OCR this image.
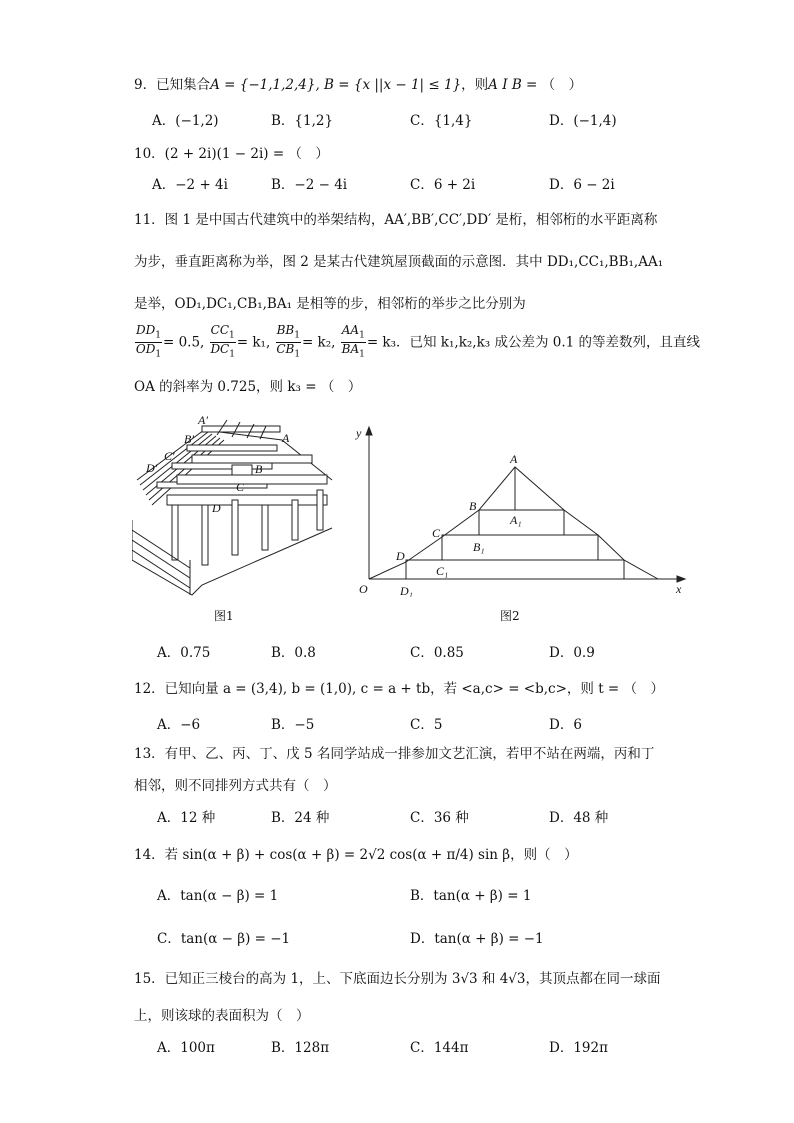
9．已知集合A = {−1,1,2,4}, B = {x ||x − 1| ≤ 1}，则A I B = （　）
A．(−1,2)	B．{1,2}	C．{1,4}	D．(−1,4)
10．(2 + 2i)(1 − 2i) = （　）
A．−2 + 4i	B．−2 − 4i	C．6 + 2i	D．6 − 2i
11．图 1 是中国古代建筑中的举架结构，AA′,BB′,CC′,DD′ 是桁，相邻桁的水平距离称
为步，垂直距离称为举，图 2 是某古代建筑屋顶截面的示意图．其中 DD₁,CC₁,BB₁,AA₁
是举，OD₁,DC₁,CB₁,BA₁ 是相等的步，相邻桁的举步之比分别为
$\frac{DD_1}{OD_1} = 0.5$, $\frac{CC_1}{DC_1} = k_1$, $\frac{BB_1}{CB_1} = k_2$, $\frac{AA_1}{BA_1} = k_3$．已知 k₁,k₂,k₃ 成公差为 0.1 的等差数列，且直线
OA 的斜率为 0.725，则 k₃ = （　）
A′
B′
C′
D′
A
B
C
D
图1
y
x
O
A
B
C
D
A₁
B₁
C₁
D₁
图2
A．0.75	B．0.8	C．0.85	D．0.9
12．已知向量 a = (3,4), b = (1,0), c = a + tb，若 <a,c> = <b,c>，则 t = （　）
A．−6	B．−5	C．5	D．6
13．有甲、乙、丙、丁、戊 5 名同学站成一排参加文艺汇演，若甲不站在两端，丙和丁
相邻，则不同排列方式共有（　）
A．12 种	B．24 种	C．36 种	D．48 种
14．若 sin(α + β) + cos(α + β) = 2√2 cos(α + π/4) sin β，则（　）
A．tan(α − β) = 1	B．tan(α + β) = 1
C．tan(α − β) = −1	D．tan(α + β) = −1
15．已知正三棱台的高为 1，上、下底面边长分别为 3√3 和 4√3，其顶点都在同一球面
上，则该球的表面积为（　）
A．100π	B．128π	C．144π	D．192π
